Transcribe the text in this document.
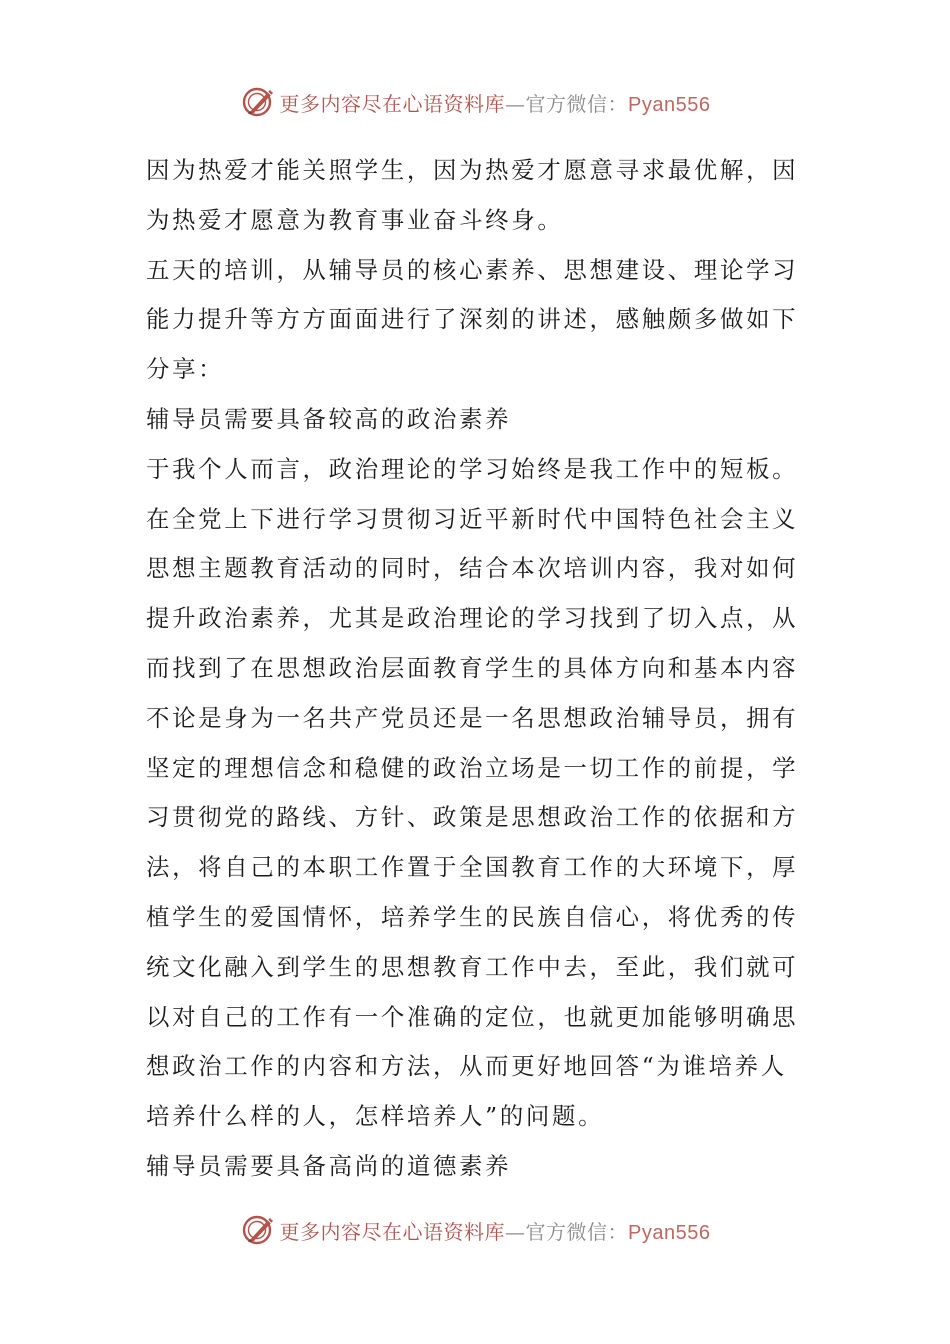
更多内容尽在心语资料库—官方微信：Pyan556
因为热爱才能关照学生，因为热爱才愿意寻求最优解，因
为热爱才愿意为教育事业奋斗终身。
五天的培训，从辅导员的核心素养、思想建设、理论学习
能力提升等方方面面进行了深刻的讲述，感触颇多做如下
分享：
辅导员需要具备较高的政治素养
于我个人而言，政治理论的学习始终是我工作中的短板。
在全党上下进行学习贯彻习近平新时代中国特色社会主义
思想主题教育活动的同时，结合本次培训内容，我对如何
提升政治素养，尤其是政治理论的学习找到了切入点，从
而找到了在思想政治层面教育学生的具体方向和基本内容
不论是身为一名共产党员还是一名思想政治辅导员，拥有
坚定的理想信念和稳健的政治立场是一切工作的前提，学
习贯彻党的路线、方针、政策是思想政治工作的依据和方
法，将自己的本职工作置于全国教育工作的大环境下，厚
植学生的爱国情怀，培养学生的民族自信心，将优秀的传
统文化融入到学生的思想教育工作中去，至此，我们就可
以对自己的工作有一个准确的定位，也就更加能够明确思
想政治工作的内容和方法，从而更好地回答“为谁培养人
培养什么样的人，怎样培养人”的问题。
辅导员需要具备高尚的道德素养
更多内容尽在心语资料库—官方微信：Pyan556
